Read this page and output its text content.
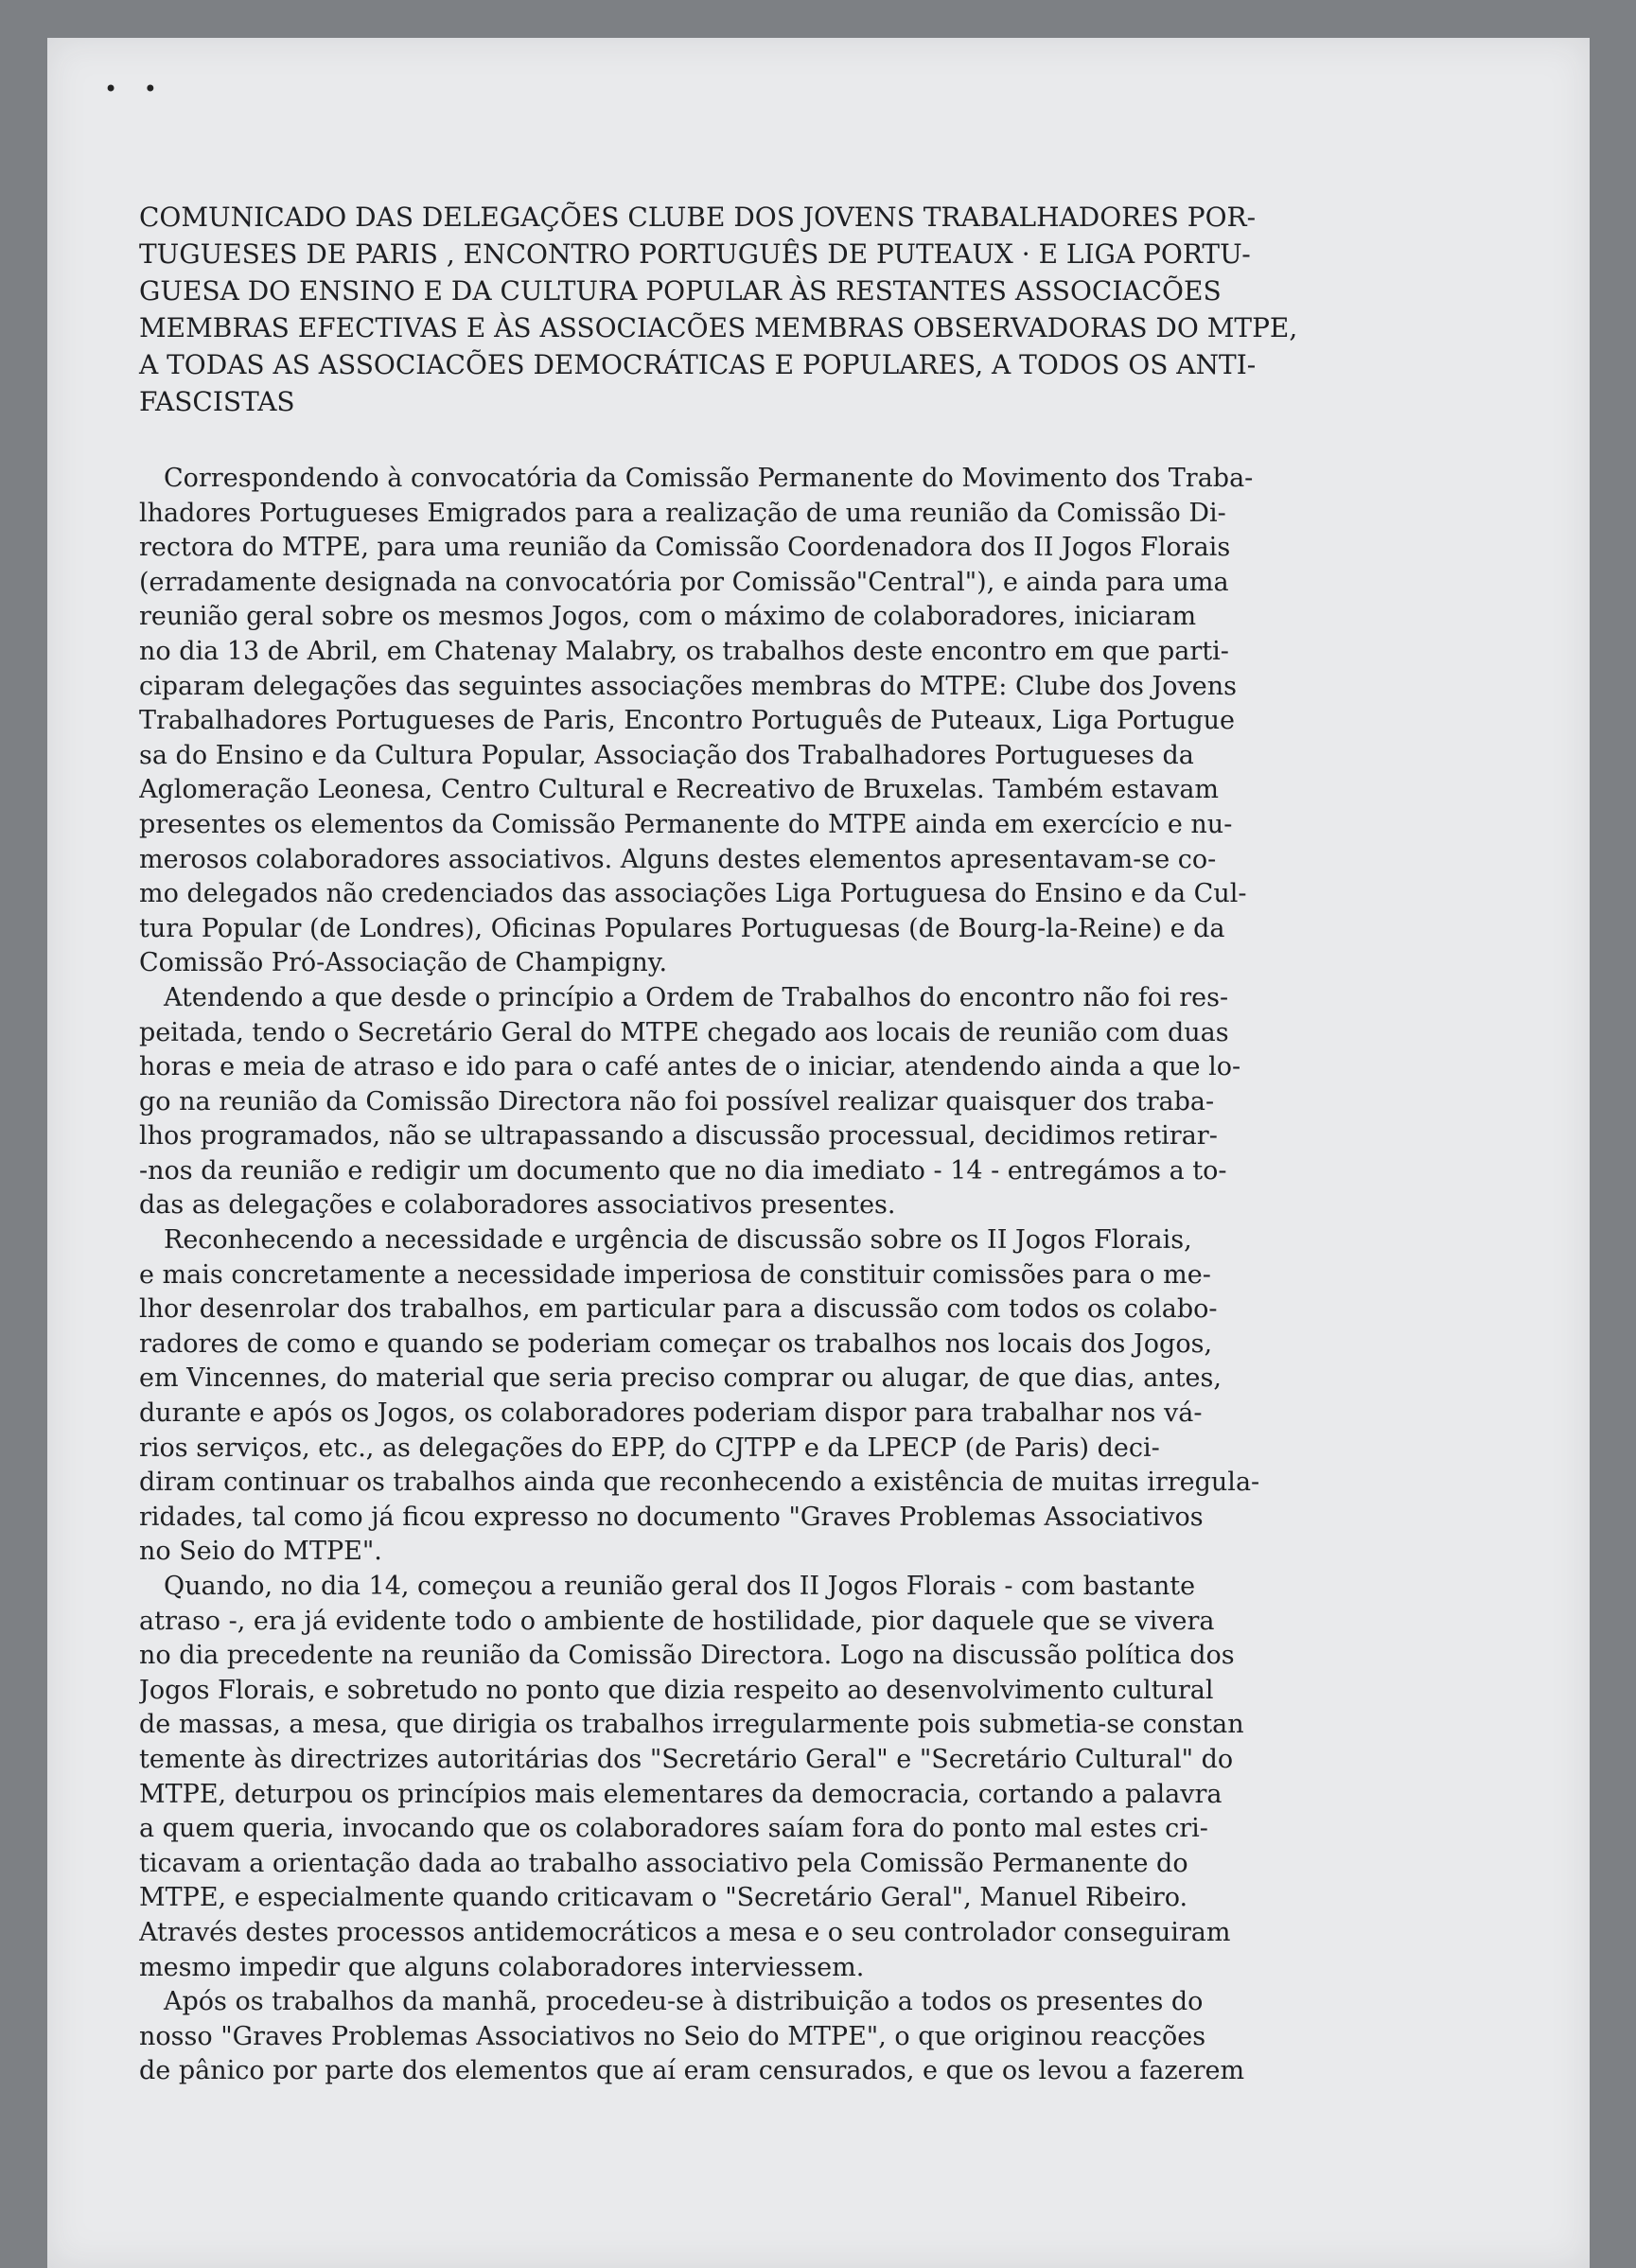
• •
COMUNICADO DAS DELEGAÇÕES CLUBE DOS JOVENS TRABALHADORES POR-
TUGUESES DE PARIS , ENCONTRO PORTUGUÊS DE PUTEAUX · E LIGA PORTU-
GUESA DO ENSINO E DA CULTURA POPULAR ÀS RESTANTES ASSOCIACÕES
MEMBRAS EFECTIVAS E ÀS ASSOCIACÕES MEMBRAS OBSERVADORAS DO MTPE,
A TODAS AS ASSOCIACÕES DEMOCRÁTICAS E POPULARES, A TODOS OS ANTI-
FASCISTAS
Correspondendo à convocatória da Comissão Permanente do Movimento dos Traba-
lhadores Portugueses Emigrados para a realização de uma reunião da Comissão Di-
rectora do MTPE, para uma reunião da Comissão Coordenadora dos II Jogos Florais
(erradamente designada na convocatória por Comissão"Central"), e ainda para uma
reunião geral sobre os mesmos Jogos, com o máximo de colaboradores, iniciaram
no dia 13 de Abril, em Chatenay Malabry, os trabalhos deste encontro em que parti-
ciparam delegações das seguintes associações membras do MTPE: Clube dos Jovens
Trabalhadores Portugueses de Paris, Encontro Português de Puteaux, Liga Portugue
sa do Ensino e da Cultura Popular, Associação dos Trabalhadores Portugueses da
Aglomeração Leonesa, Centro Cultural e Recreativo de Bruxelas. Também estavam
presentes os elementos da Comissão Permanente do MTPE ainda em exercício e nu-
merosos colaboradores associativos. Alguns destes elementos apresentavam-se co-
mo delegados não credenciados das associações Liga Portuguesa do Ensino e da Cul-
tura Popular (de Londres), Oficinas Populares Portuguesas (de Bourg-la-Reine) e da
Comissão Pró-Associação de Champigny.
Atendendo a que desde o princípio a Ordem de Trabalhos do encontro não foi res-
peitada, tendo o Secretário Geral do MTPE chegado aos locais de reunião com duas
horas e meia de atraso e ido para o café antes de o iniciar, atendendo ainda a que lo-
go na reunião da Comissão Directora não foi possível realizar quaisquer dos traba-
lhos programados, não se ultrapassando a discussão processual, decidimos retirar-
-nos da reunião e redigir um documento que no dia imediato - 14 - entregámos a to-
das as delegações e colaboradores associativos presentes.
Reconhecendo a necessidade e urgência de discussão sobre os II Jogos Florais,
e mais concretamente a necessidade imperiosa de constituir comissões para o me-
lhor desenrolar dos trabalhos, em particular para a discussão com todos os colabo-
radores de como e quando se poderiam começar os trabalhos nos locais dos Jogos,
em Vincennes, do material que seria preciso comprar ou alugar, de que dias, antes,
durante e após os Jogos, os colaboradores poderiam dispor para trabalhar nos vá-
rios serviços, etc., as delegações do EPP, do CJTPP e da LPECP (de Paris) deci-
diram continuar os trabalhos ainda que reconhecendo a existência de muitas irregula-
ridades, tal como já ficou expresso no documento "Graves Problemas Associativos
no Seio do MTPE".
Quando, no dia 14, começou a reunião geral dos II Jogos Florais - com bastante
atraso -, era já evidente todo o ambiente de hostilidade, pior daquele que se vivera
no dia precedente na reunião da Comissão Directora. Logo na discussão política dos
Jogos Florais, e sobretudo no ponto que dizia respeito ao desenvolvimento cultural
de massas, a mesa, que dirigia os trabalhos irregularmente pois submetia-se constan
temente às directrizes autoritárias dos "Secretário Geral" e "Secretário Cultural" do
MTPE, deturpou os princípios mais elementares da democracia, cortando a palavra
a quem queria, invocando que os colaboradores saíam fora do ponto mal estes cri-
ticavam a orientação dada ao trabalho associativo pela Comissão Permanente do
MTPE, e especialmente quando criticavam o "Secretário Geral", Manuel Ribeiro.
Através destes processos antidemocráticos a mesa e o seu controlador conseguiram
mesmo impedir que alguns colaboradores interviessem.
Após os trabalhos da manhã, procedeu-se à distribuição a todos os presentes do
nosso "Graves Problemas Associativos no Seio do MTPE", o que originou reacções
de pânico por parte dos elementos que aí eram censurados, e que os levou a fazerem
